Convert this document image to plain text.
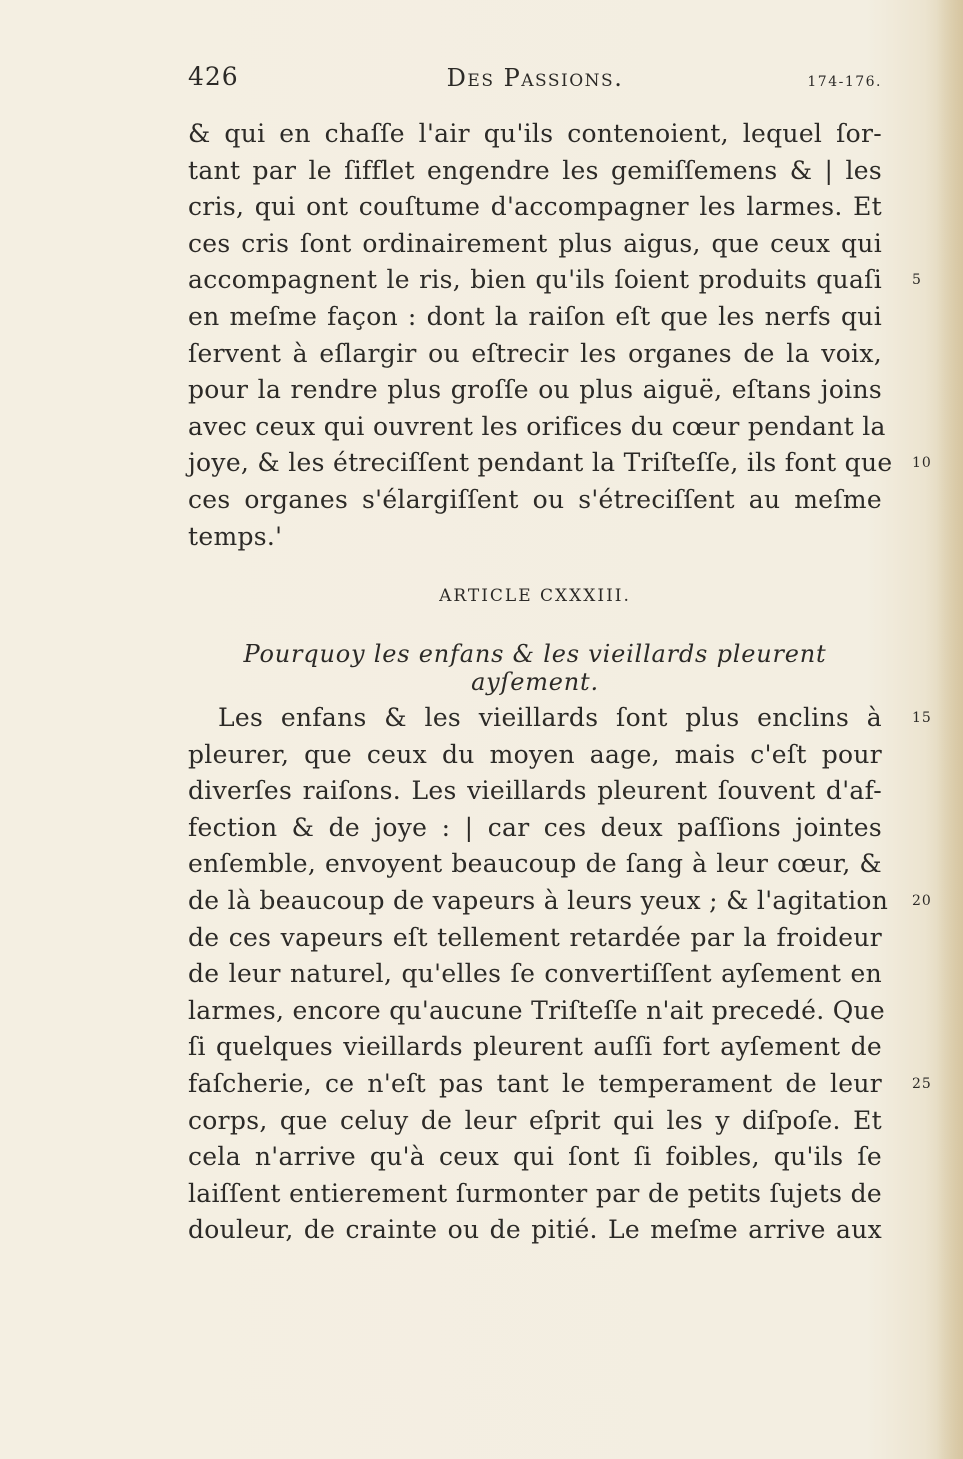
426	Des Passions.	174-176.
& qui en chaſſe l'air qu'ils contenoient, lequel ſor-
tant par le ſifflet engendre les gemiſſemens & | les
cris, qui ont couſtume d'accompagner les larmes. Et
ces cris ſont ordinairement plus aigus, que ceux qui
accompagnent le ris, bien qu'ils ſoient produits quaſi
en meſme façon : dont la raiſon eſt que les nerfs qui
ſervent à eſlargir ou eſtrecir les organes de la voix,
pour la rendre plus groſſe ou plus aiguë, eſtans joins
avec ceux qui ouvrent les orifices du cœur pendant la
joye, & les étreciſſent pendant la Triſteſſe, ils font que
ces organes s'élargiſſent ou s'étreciſſent au meſme
temps.'
ARTICLE CXXXIII.
Pourquoy les enfans & les vieillards pleurent ayſement.
Les enfans & les vieillards ſont plus enclins à
pleurer, que ceux du moyen aage, mais c'eſt pour
diverſes raiſons. Les vieillards pleurent ſouvent d'af-
fection & de joye : | car ces deux paſſions jointes
enſemble, envoyent beaucoup de ſang à leur cœur, &
de là beaucoup de vapeurs à leurs yeux ; & l'agitation
de ces vapeurs eſt tellement retardée par la froideur
de leur naturel, qu'elles ſe convertiſſent ayſement en
larmes, encore qu'aucune Triſteſſe n'ait precedé. Que
ſi quelques vieillards pleurent auſſi fort ayſement de
faſcherie, ce n'eſt pas tant le temperament de leur
corps, que celuy de leur eſprit qui les y diſpoſe. Et
cela n'arrive qu'à ceux qui ſont ſi foibles, qu'ils ſe
laiſſent entierement ſurmonter par de petits ſujets de
douleur, de crainte ou de pitié. Le meſme arrive aux
5
10
15
20
25
